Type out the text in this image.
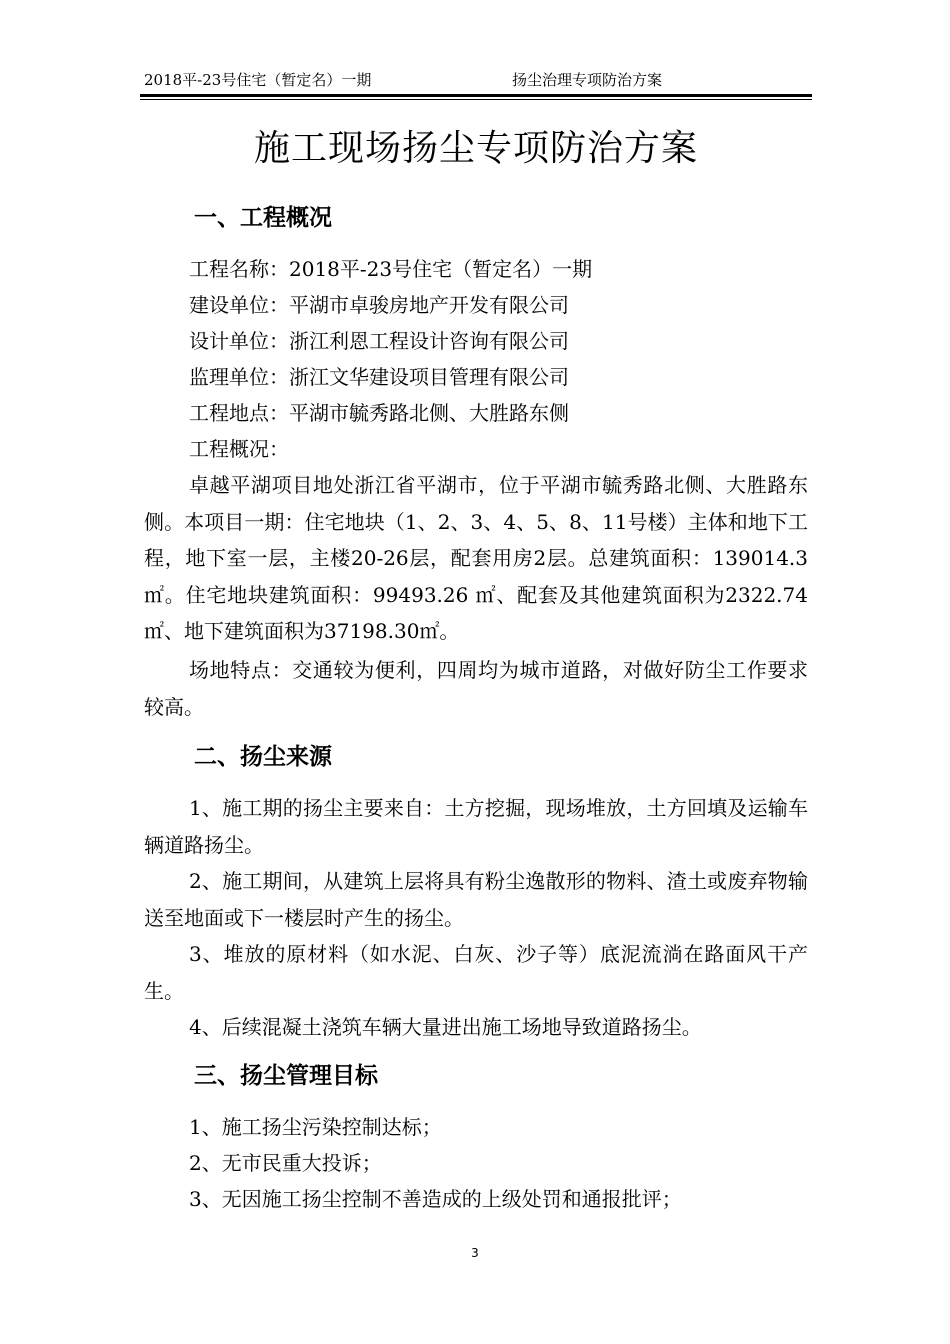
2018平-23号住宅（暂定名）一期	扬尘治理专项防治方案
施工现场扬尘专项防治方案
一、工程概况
工程名称：2018平-23号住宅（暂定名）一期
建设单位：平湖市卓骏房地产开发有限公司
设计单位：浙江利恩工程设计咨询有限公司
监理单位：浙江文华建设项目管理有限公司
工程地点：平湖市毓秀路北侧、大胜路东侧
工程概况：
卓越平湖项目地处浙江省平湖市，位于平湖市毓秀路北侧、大胜路东侧。本项目一期：住宅地块（1、2、3、4、5、8、11号楼）主体和地下工程，地下室一层，主楼20-26层，配套用房2层。总建筑面积：139014.3㎡。住宅地块建筑面积：99493.26 ㎡、配套及其他建筑面积为2322.74 ㎡、地下建筑面积为37198.30㎡。
场地特点：交通较为便利，四周均为城市道路，对做好防尘工作要求较高。
二、扬尘来源
1、施工期的扬尘主要来自：土方挖掘，现场堆放，土方回填及运输车辆道路扬尘。
2、施工期间，从建筑上层将具有粉尘逸散形的物料、渣土或废弃物输送至地面或下一楼层时产生的扬尘。
3、堆放的原材料（如水泥、白灰、沙子等）底泥流淌在路面风干产生。
4、后续混凝土浇筑车辆大量进出施工场地导致道路扬尘。
三、扬尘管理目标
1、施工扬尘污染控制达标；
2、无市民重大投诉；
3、无因施工扬尘控制不善造成的上级处罚和通报批评；
3
